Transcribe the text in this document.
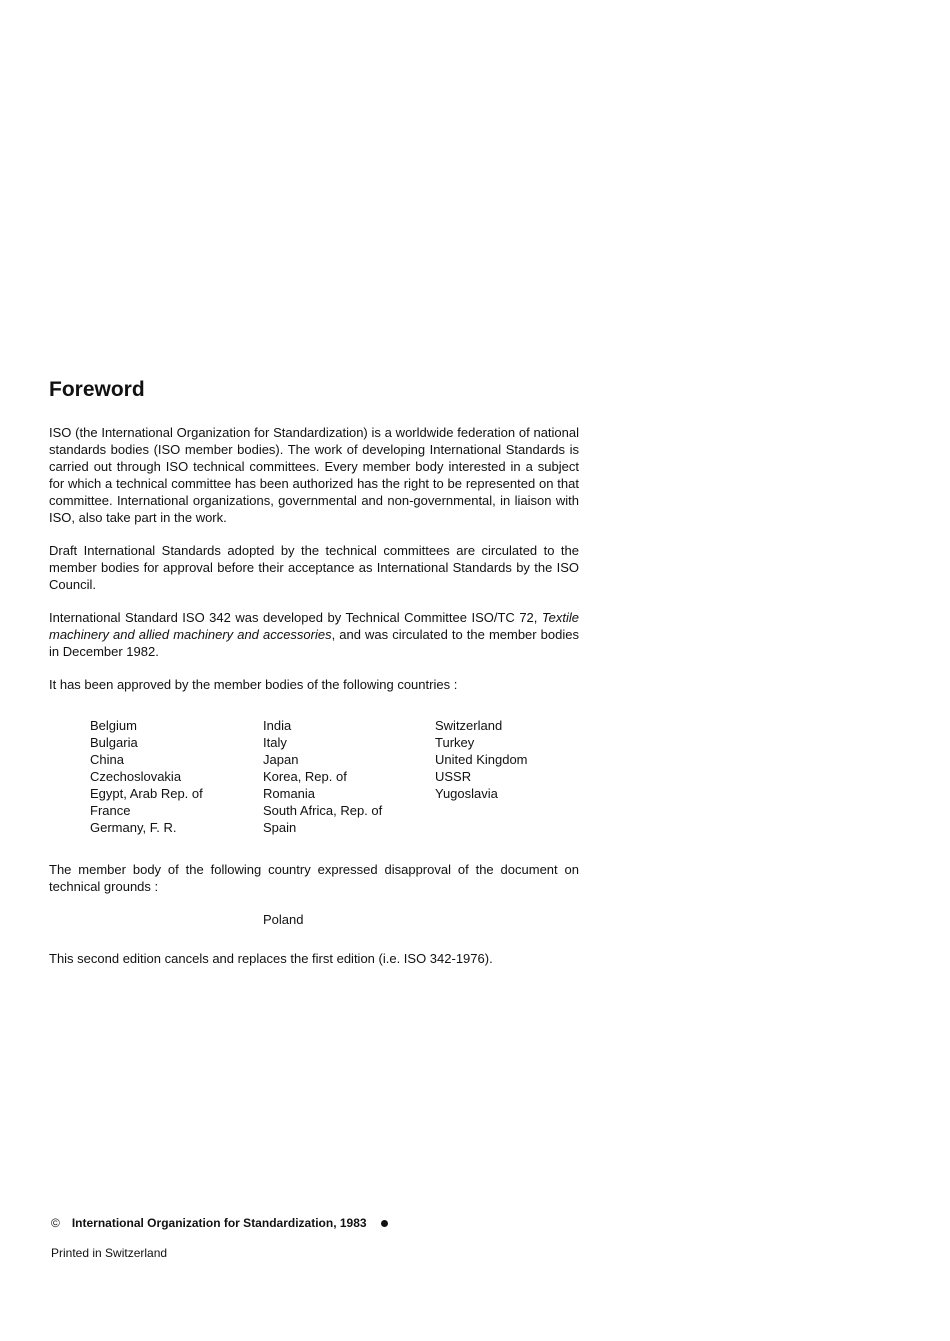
Foreword

ISO (the International Organization for Standardization) is a worldwide federation of national standards bodies (ISO member bodies). The work of developing International Standards is carried out through ISO technical committees. Every member body interested in a subject for which a technical committee has been authorized has the right to be represented on that committee. International organizations, governmental and non-governmental, in liaison with ISO, also take part in the work.

Draft International Standards adopted by the technical committees are circulated to the member bodies for approval before their acceptance as International Standards by the ISO Council.

International Standard ISO 342 was developed by Technical Committee ISO/TC 72, Textile machinery and allied machinery and accessories, and was circulated to the member bodies in December 1982.

It has been approved by the member bodies of the following countries :

Belgium
Bulgaria
China
Czechoslovakia
Egypt, Arab Rep. of
France
Germany, F. R.
India
Italy
Japan
Korea, Rep. of
Romania
South Africa, Rep. of
Spain
Switzerland
Turkey
United Kingdom
USSR
Yugoslavia

The member body of the following country expressed disapproval of the document on technical grounds :

Poland

This second edition cancels and replaces the first edition (i.e. ISO 342-1976).

© International Organization for Standardization, 1983
Printed in Switzerland
